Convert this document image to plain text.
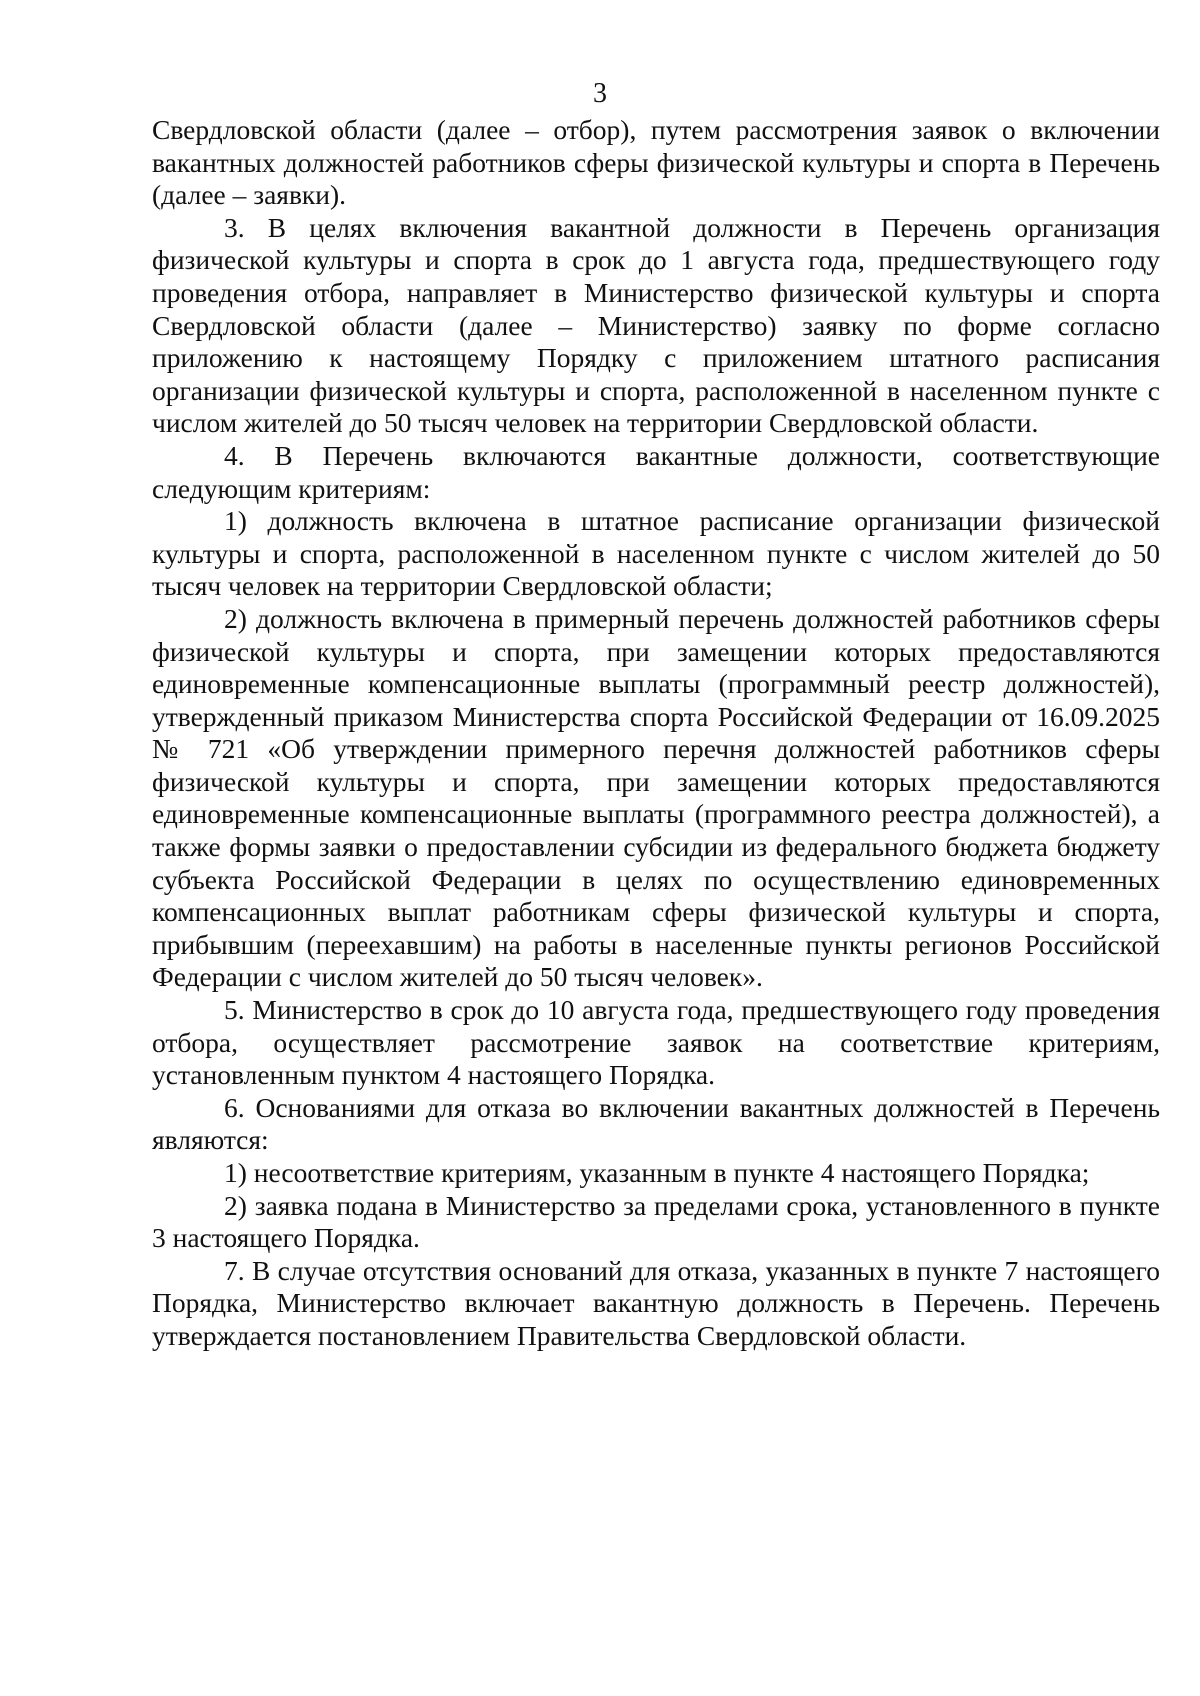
3

Свердловской области (далее – отбор), путем рассмотрения заявок о включении вакантных должностей работников сферы физической культуры и спорта в Перечень (далее – заявки).

3. В целях включения вакантной должности в Перечень организация физической культуры и спорта в срок до 1 августа года, предшествующего году проведения отбора, направляет в Министерство физической культуры и спорта Свердловской области (далее – Министерство) заявку по форме согласно приложению к настоящему Порядку с приложением штатного расписания организации физической культуры и спорта, расположенной в населенном пункте с числом жителей до 50 тысяч человек на территории Свердловской области.

4. В Перечень включаются вакантные должности, соответствующие следующим критериям:

1) должность включена в штатное расписание организации физической культуры и спорта, расположенной в населенном пункте с числом жителей до 50 тысяч человек на территории Свердловской области;

2) должность включена в примерный перечень должностей работников сферы физической культуры и спорта, при замещении которых предоставляются единовременные компенсационные выплаты (программный реестр должностей), утвержденный приказом Министерства спорта Российской Федерации от 16.09.2025 № 721 «Об утверждении примерного перечня должностей работников сферы физической культуры и спорта, при замещении которых предоставляются единовременные компенсационные выплаты (программного реестра должностей), а также формы заявки о предоставлении субсидии из федерального бюджета бюджету субъекта Российской Федерации в целях по осуществлению единовременных компенсационных выплат работникам сферы физической культуры и спорта, прибывшим (переехавшим) на работы в населенные пункты регионов Российской Федерации с числом жителей до 50 тысяч человек».

5. Министерство в срок до 10 августа года, предшествующего году проведения отбора, осуществляет рассмотрение заявок на соответствие критериям, установленным пунктом 4 настоящего Порядка.

6. Основаниями для отказа во включении вакантных должностей в Перечень являются:

1) несоответствие критериям, указанным в пункте 4 настоящего Порядка;

2) заявка подана в Министерство за пределами срока, установленного в пункте 3 настоящего Порядка.

7. В случае отсутствия оснований для отказа, указанных в пункте 7 настоящего Порядка, Министерство включает вакантную должность в Перечень. Перечень утверждается постановлением Правительства Свердловской области.
